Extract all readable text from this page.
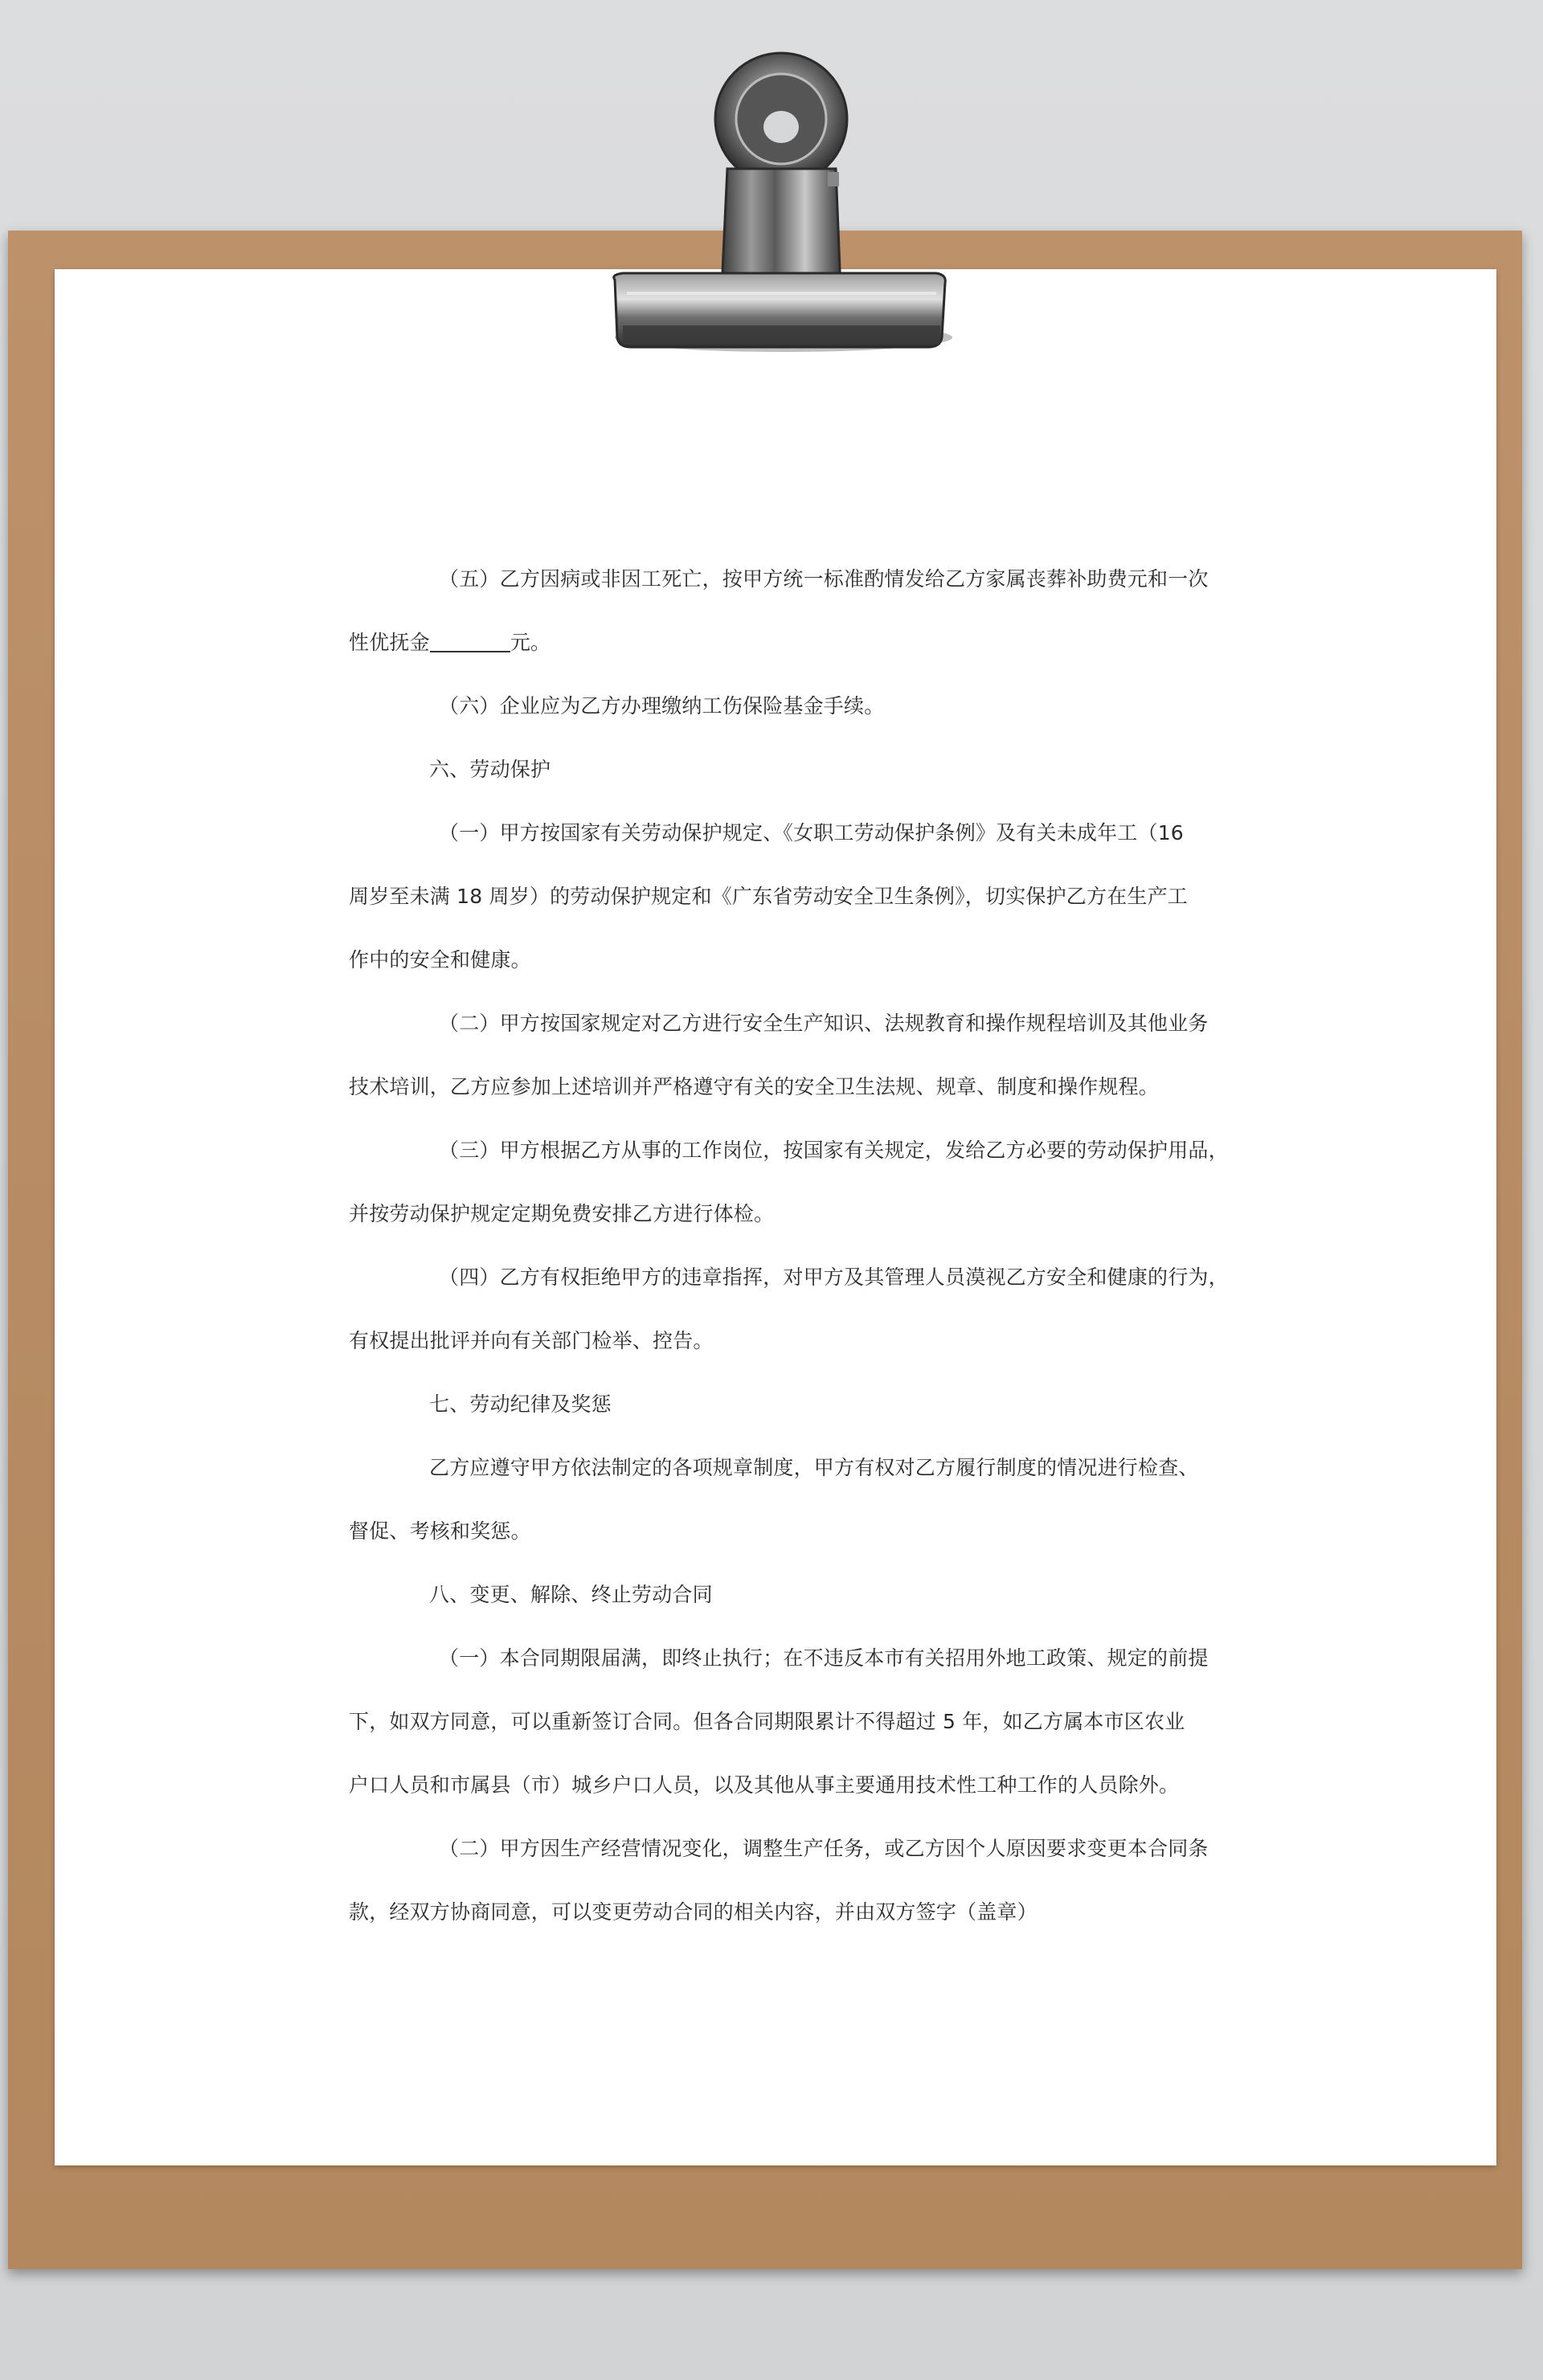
（五）乙方因病或非因工死亡，按甲方统一标准酌情发给乙方家属丧葬补助费元和一次
性优抚金	元。
（六）企业应为乙方办理缴纳工伤保险基金手续。
六、劳动保护
（一）甲方按国家有关劳动保护规定、《女职工劳动保护条例》及有关未成年工（16
周岁至未满 18 周岁）的劳动保护规定和《广东省劳动安全卫生条例》，切实保护乙方在生产工
作中的安全和健康。
（二）甲方按国家规定对乙方进行安全生产知识、法规教育和操作规程培训及其他业务
技术培训，乙方应参加上述培训并严格遵守有关的安全卫生法规、规章、制度和操作规程。
（三）甲方根据乙方从事的工作岗位，按国家有关规定，发给乙方必要的劳动保护用品，
并按劳动保护规定定期免费安排乙方进行体检。
（四）乙方有权拒绝甲方的违章指挥，对甲方及其管理人员漠视乙方安全和健康的行为，
有权提出批评并向有关部门检举、控告。
七、劳动纪律及奖惩
乙方应遵守甲方依法制定的各项规章制度，甲方有权对乙方履行制度的情况进行检查、
督促、考核和奖惩。
八、变更、解除、终止劳动合同
（一）本合同期限届满，即终止执行；在不违反本市有关招用外地工政策、规定的前提
下，如双方同意，可以重新签订合同。但各合同期限累计不得超过 5 年，如乙方属本市区农业
户口人员和市属县（市）城乡户口人员，以及其他从事主要通用技术性工种工作的人员除外。
（二）甲方因生产经营情况变化，调整生产任务，或乙方因个人原因要求变更本合同条
款，经双方协商同意，可以变更劳动合同的相关内容，并由双方签字（盖章）
